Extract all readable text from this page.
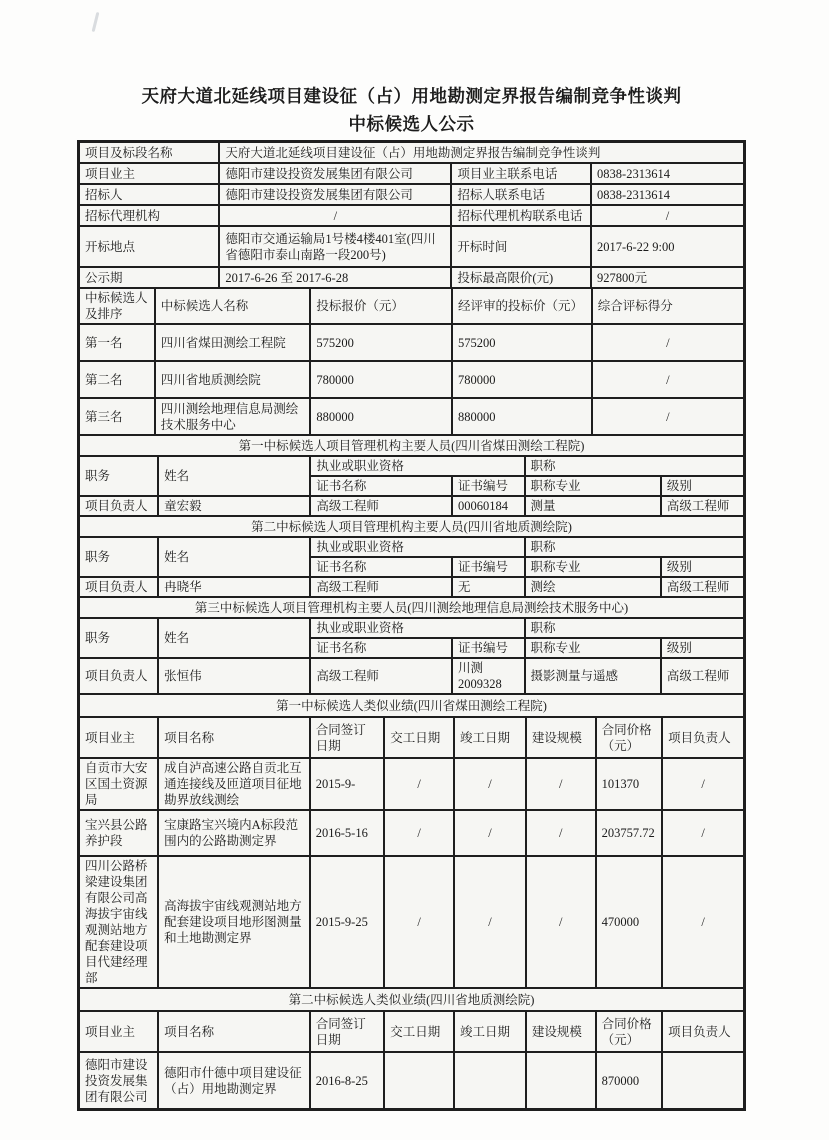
天府大道北延线项目建设征（占）用地勘测定界报告编制竞争性谈判
中标候选人公示
项目及标段名称	天府大道北延线项目建设征（占）用地勘测定界报告编制竞争性谈判		
项目业主	德阳市建设投资发展集团有限公司	项目业主联系电话	0838-2313614
招标人	德阳市建设投资发展集团有限公司	招标人联系电话	0838-2313614
招标代理机构	/	招标代理机构联系电话	/
开标地点	德阳市交通运输局1号楼4楼401室(四川省德阳市泰山南路一段200号)	开标时间	2017-6-22 9:00
公示期	2017-6-26 至 2017-6-28	投标最高限价(元)	927800元
中标候选人及排序	中标候选人名称	投标报价（元）	经评审的投标价（元）	综合评标得分
第一名	四川省煤田测绘工程院	575200	575200	/
第二名	四川省地质测绘院	780000	780000	/
第三名	四川测绘地理信息局测绘技术服务中心	880000	880000	/
第一中标候选人项目管理机构主要人员(四川省煤田测绘工程院)					
职务	姓名	执业或职业资格		职称	
		证书名称	证书编号	职称专业	级别
项目负责人	童宏毅	高级工程师	00060184	测量	高级工程师
第二中标候选人项目管理机构主要人员(四川省地质测绘院)					
职务	姓名	执业或职业资格		职称	
		证书名称	证书编号	职称专业	级别
项目负责人	冉晓华	高级工程师	无	测绘	高级工程师
第三中标候选人项目管理机构主要人员(四川测绘地理信息局测绘技术服务中心)					
职务	姓名	执业或职业资格		职称	
		证书名称	证书编号	职称专业	级别
项目负责人	张恒伟	高级工程师	川测 2009328	摄影测量与遥感	高级工程师
第一中标候选人类似业绩(四川省煤田测绘工程院)							
项目业主	项目名称	合同签订日期	交工日期	竣工日期	建设规模	合同价格（元）	项目负责人
自贡市大安区国土资源局	成自泸高速公路自贡北互通连接线及匝道项目征地勘界放线测绘	2015-9-	/	/	/	101370	/
宝兴县公路养护段	宝康路宝兴境内A标段范围内的公路勘测定界	2016-5-16	/	/	/	203757.72	/
四川公路桥梁建设集团有限公司高海拔宇宙线观测站地方配套建设项目代建经理部	高海拔宇宙线观测站地方配套建设项目地形图测量和土地勘测定界	2015-9-25	/	/	/	470000	/
第二中标候选人类似业绩(四川省地质测绘院)							
项目业主	项目名称	合同签订日期	交工日期	竣工日期	建设规模	合同价格（元）	项目负责人
德阳市建设投资发展集团有限公司	德阳市什德中项目建设征（占）用地勘测定界	2016-8-25				870000	
